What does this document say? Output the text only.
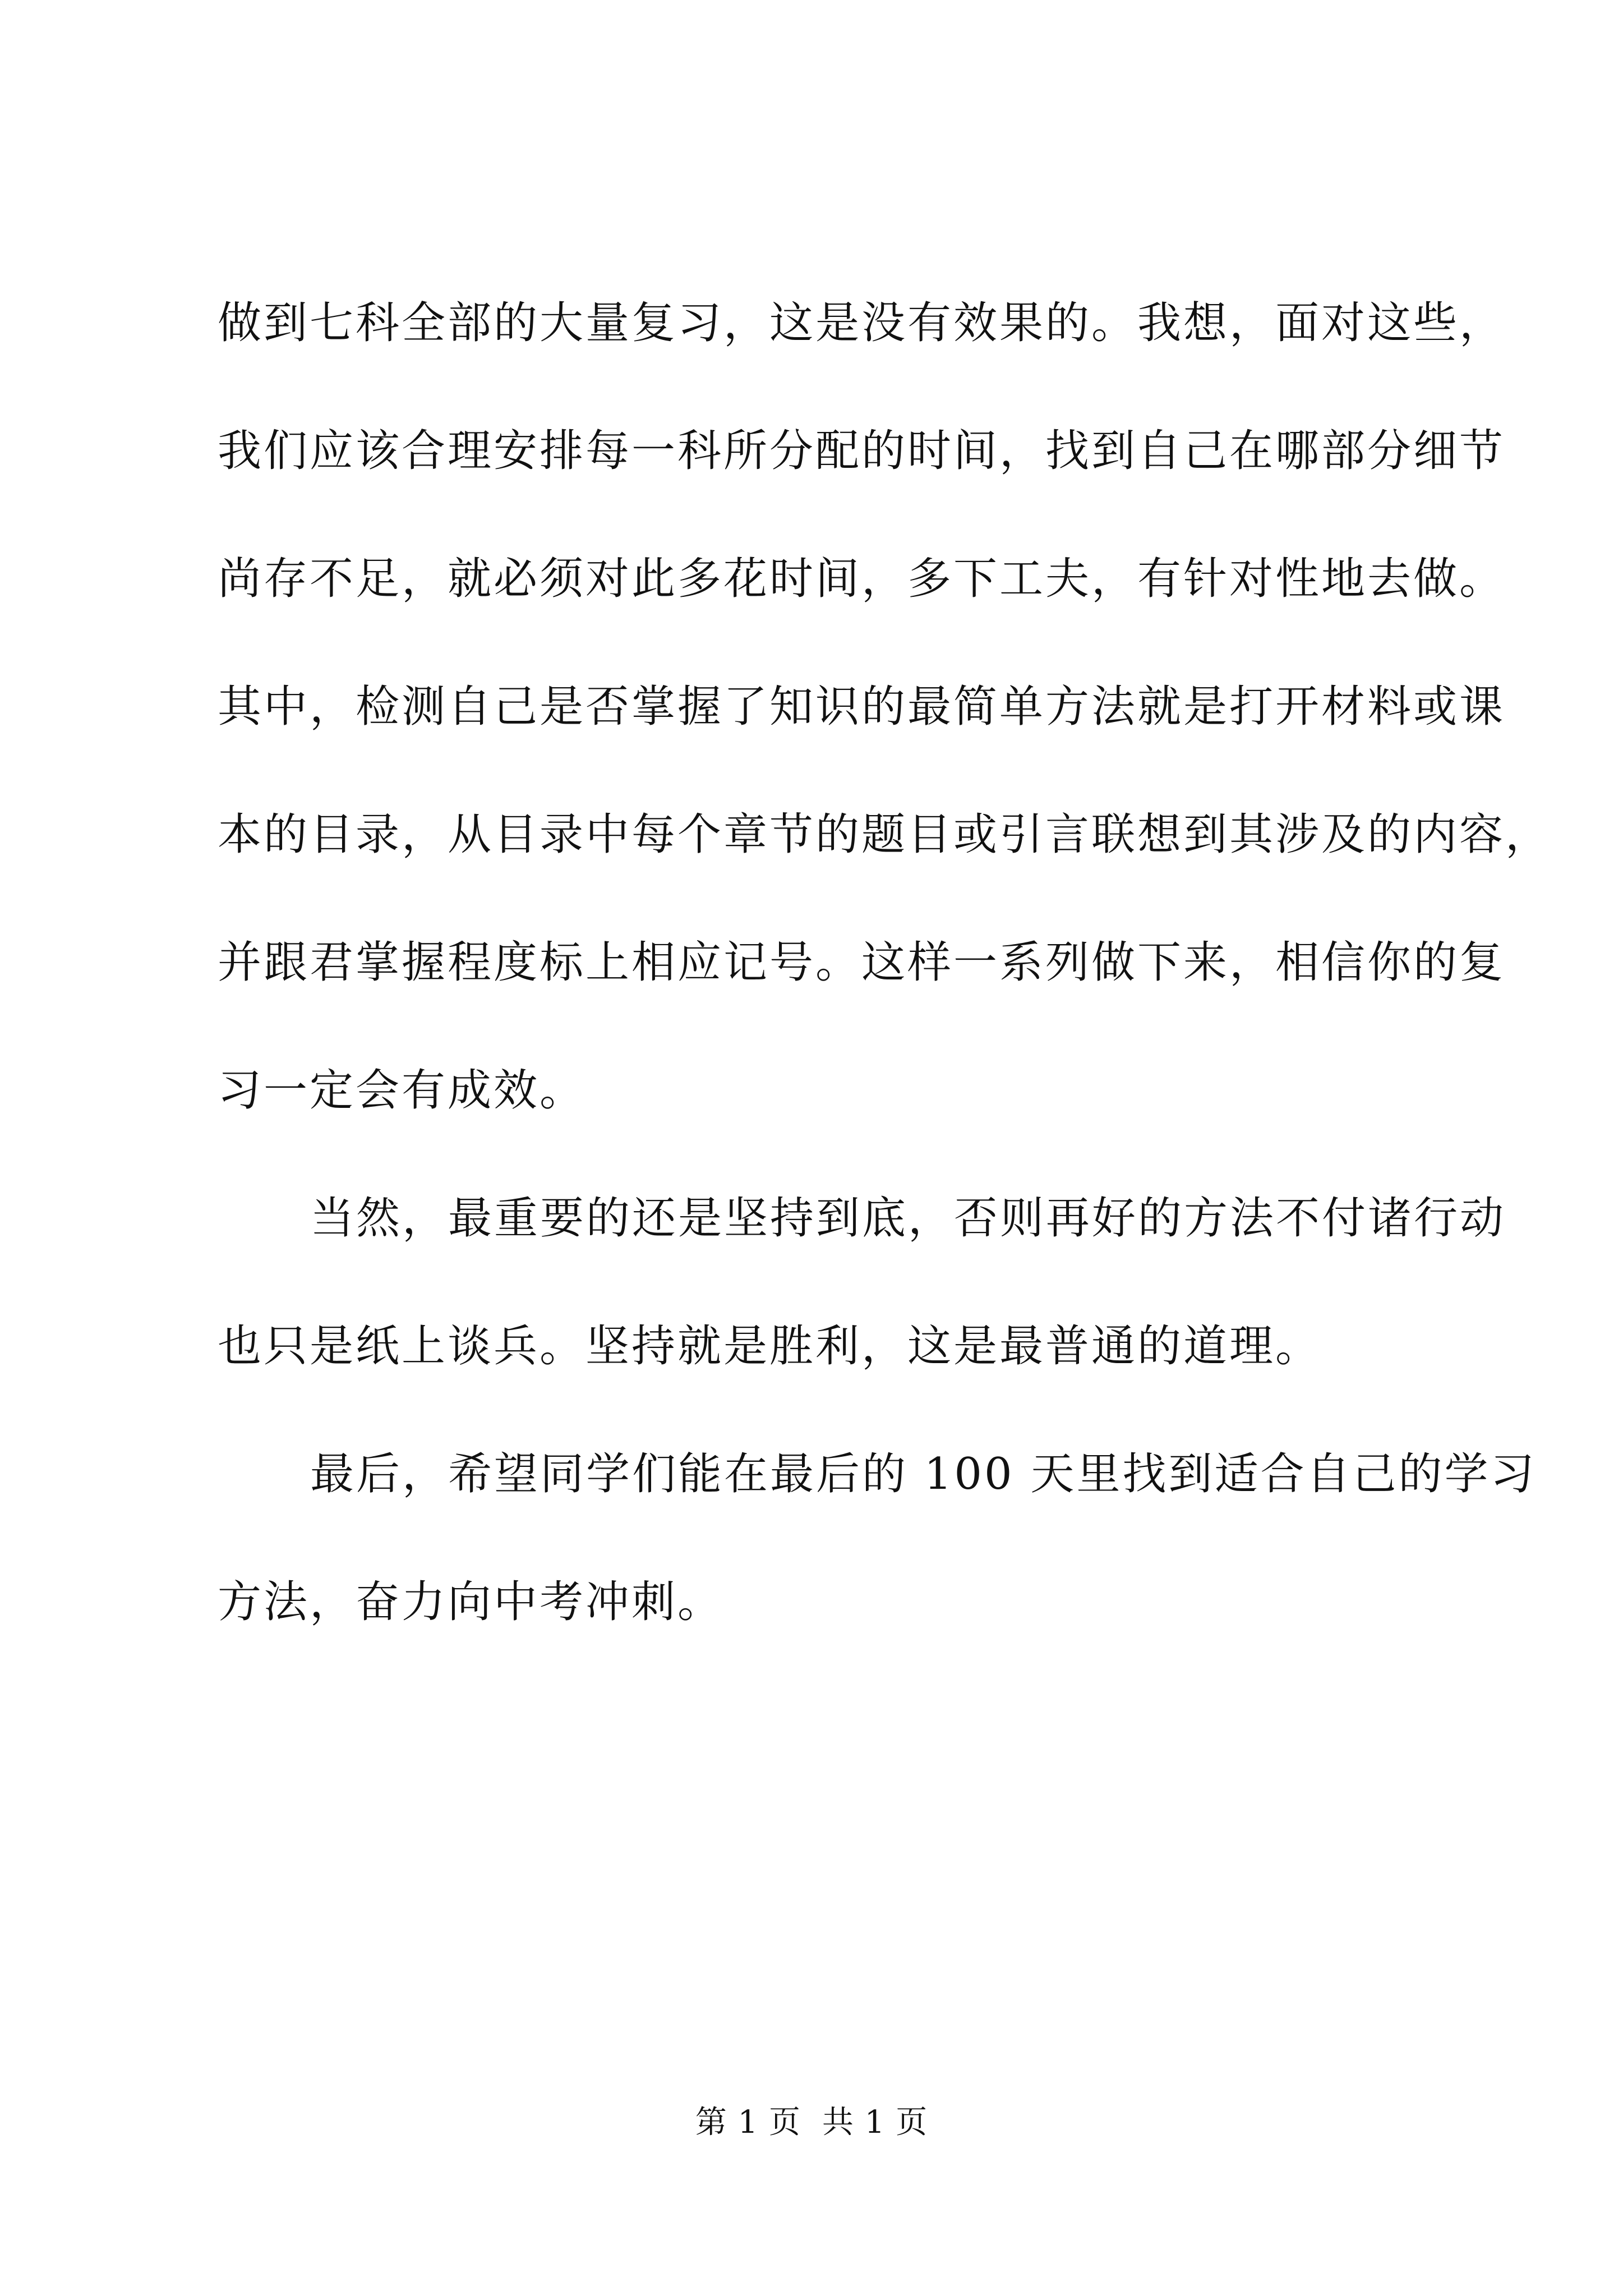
做到七科全部的大量复习，这是没有效果的。我想，面对这些，
我们应该合理安排每一科所分配的时间，找到自己在哪部分细节
尚存不足，就必须对此多花时间，多下工夫，有针对性地去做。
其中，检测自己是否掌握了知识的最简单方法就是打开材料或课
本的目录，从目录中每个章节的题目或引言联想到其涉及的内容，
并跟君掌握程度标上相应记号。这样一系列做下来，相信你的复
习一定会有成效。
当然，最重要的还是坚持到底，否则再好的方法不付诸行动
也只是纸上谈兵。坚持就是胜利，这是最普通的道理。
最后，希望同学们能在最后的 100 天里找到适合自己的学习
方法，奋力向中考冲刺。
第 1 页 共 1 页
